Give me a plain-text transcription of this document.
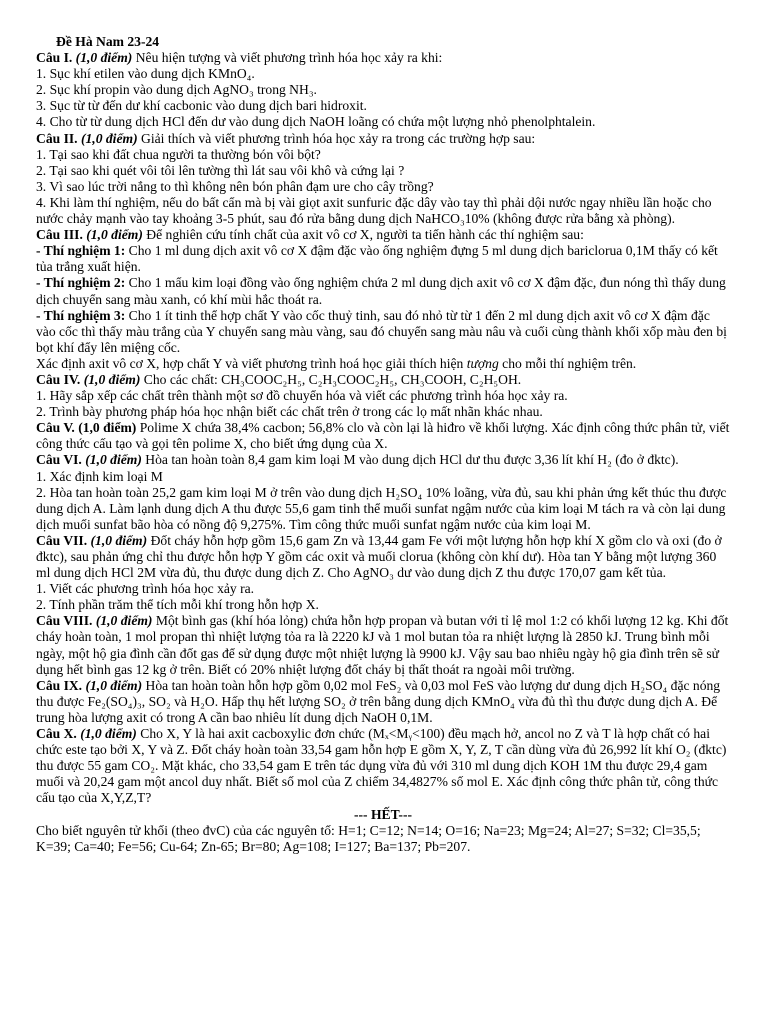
Đề Hà Nam 23-24

Câu I. (1,0 điểm) Nêu hiện tượng và viết phương trình hóa học xảy ra khi:

1. Sục khí etilen vào dung dịch KMnO₄.

2. Sục khí propin vào dung dịch AgNO₃ trong NH₃.

3. Sục từ từ đến dư khí cacbonic vào dung dịch bari hidroxit.

4. Cho từ từ dung dịch HCl đến dư vào dung dịch NaOH loãng có chứa một lượng nhỏ phenolphtalein.

Câu II. (1,0 điểm) Giải thích và viết phương trình hóa học xảy ra trong các trường hợp sau:

1. Tại sao khi đất chua người ta thường bón vôi bột?

2. Tại sao khi quét vôi tôi lên tường thì lát sau vôi khô và cứng lại ?

3. Vì sao lúc trời nắng to thì không nên bón phân đạm ure cho cây trồng?

4. Khi làm thí nghiệm, nếu do bất cẩn mà bị vài giọt axit sunfuric đặc dây vào tay thì phải dội nước ngay nhiều lần hoặc cho nước chảy mạnh vào tay khoảng 3-5 phút, sau đó rửa bằng dung dịch NaHCO₃10% (không được rửa bằng xà phòng).

Câu III. (1,0 điểm) Để nghiên cứu tính chất của axit vô cơ X, người ta tiến hành các thí nghiệm sau:

- Thí nghiệm 1: Cho 1 ml dung dịch axit vô cơ X đậm đặc vào ống nghiệm đựng 5 ml dung dịch bariclorua 0,1M thấy có kết tủa trắng xuất hiện.

- Thí nghiệm 2: Cho 1 mẩu kim loại đồng vào ống nghiệm chứa 2 ml dung dịch axit vô cơ X đậm đặc, đun nóng thì thấy dung dịch chuyển sang màu xanh, có khí mùi hắc thoát ra.

- Thí nghiệm 3: Cho 1 ít tinh thể hợp chất Y vào cốc thuỷ tinh, sau đó nhỏ từ từ 1 đến 2 ml dung dịch axit vô cơ X đậm đặc vào cốc thì thấy màu trắng của Y chuyển sang màu vàng, sau đó chuyển sang màu nâu và cuối cùng thành khối xốp màu đen bị bọt khí đẩy lên miệng cốc.

Xác định axit vô cơ X, hợp chất Y và viết phương trình hoá học giải thích hiện tượng cho mỗi thí nghiệm trên.

Câu IV. (1,0 điểm) Cho các chất: CH₃COOC₂H₅, C₂H₃COOC₂H₅, CH₃COOH, C₂H₅OH.

1. Hãy sắp xếp các chất trên thành một sơ đồ chuyển hóa và viết các phương trình hóa học xảy ra.

2. Trình bày phương pháp hóa học nhận biết các chất trên ở trong các lọ mất nhãn khác nhau.

Câu V. (1,0 điểm) Polime X chứa 38,4% cacbon; 56,8% clo và còn lại là hiđro về khối lượng. Xác định công thức phân tử, viết công thức cấu tạo và gọi tên polime X, cho biết ứng dụng của X.

Câu VI. (1,0 điểm) Hòa tan hoàn toàn 8,4 gam kim loại M vào dung dịch HCl dư thu được 3,36 lít khí H₂ (đo ở đktc).

1. Xác định kim loại M

2. Hòa tan hoàn toàn 25,2 gam kim loại M ở trên vào dung dịch H₂SO₄ 10% loãng, vừa đủ, sau khi phản ứng kết thúc thu được dung dịch A. Làm lạnh dung dịch A thu được 55,6 gam tinh thể muối sunfat ngậm nước của kim loại M tách ra và còn lại dung dịch muối sunfat bão hòa có nồng độ 9,275%. Tìm công thức muối sunfat ngậm nước của kim loại M.

Câu VII. (1,0 điểm) Đốt cháy hỗn hợp gồm 15,6 gam Zn và 13,44 gam Fe với một lượng hỗn hợp khí X gồm clo và oxi (đo ở đktc), sau phản ứng chỉ thu được hỗn hợp Y gồm các oxit và muối clorua (không còn khí dư). Hòa tan Y bằng một lượng 360 ml dung dịch HCl 2M vừa đủ, thu được dung dịch Z. Cho AgNO₃ dư vào dung dịch Z thu được 170,07 gam kết tủa.

1. Viết các phương trình hóa học xảy ra.

2. Tính phần trăm thể tích mỗi khí trong hỗn hợp X.

Câu VIII. (1,0 điểm) Một bình gas (khí hóa lỏng) chứa hỗn hợp propan và butan với tỉ lệ mol 1:2 có khối lượng 12 kg. Khi đốt cháy hoàn toàn, 1 mol propan thì nhiệt lượng tỏa ra là 2220 kJ và 1 mol butan tỏa ra nhiệt lượng là 2850 kJ. Trung bình mỗi ngày, một hộ gia đình cần đốt gas để sử dụng được một nhiệt lượng là 9900 kJ. Vậy sau bao nhiêu ngày hộ gia đình trên sẽ sử dụng hết bình gas 12 kg ở trên. Biết có 20% nhiệt lượng đốt cháy bị thất thoát ra ngoài môi trường.

Câu IX. (1,0 điểm) Hòa tan hoàn toàn hỗn hợp gồm 0,02 mol FeS₂ và 0,03 mol FeS vào lượng dư dung dịch H₂SO₄ đặc nóng thu được Fe₂(SO₄)₃, SO₂ và H₂O. Hấp thụ hết lượng SO₂ ở trên bằng dung dịch KMnO₄ vừa đủ thì thu được dung dịch A. Để trung hòa lượng axit có trong A cần bao nhiêu lít dung dịch NaOH 0,1M.

Câu X. (1,0 điểm) Cho X, Y là hai axit cacboxylic đơn chức (Mₓ<Mᵧ<100) đều mạch hở, ancol no Z và T là hợp chất có hai chức este tạo bởi X, Y và Z. Đốt cháy hoàn toàn 33,54 gam hỗn hợp E gồm X, Y, Z, T cần dùng vừa đủ 26,992 lít khí O₂ (đktc) thu được 55 gam CO₂. Mặt khác, cho 33,54 gam E trên tác dụng vừa đủ với 310 ml dung dịch KOH 1M thu được 29,4 gam muối và 20,24 gam một ancol duy nhất. Biết số mol của Z chiếm 34,4827% số mol E. Xác định công thức phân tử, công thức cấu tạo của X,Y,Z,T?

--- HẾT---

Cho biết nguyên tử khối (theo đvC) của các nguyên tố: H=1; C=12; N=14; O=16; Na=23; Mg=24; Al=27; S=32; Cl=35,5; K=39; Ca=40; Fe=56; Cu-64; Zn-65; Br=80; Ag=108; I=127; Ba=137; Pb=207.
